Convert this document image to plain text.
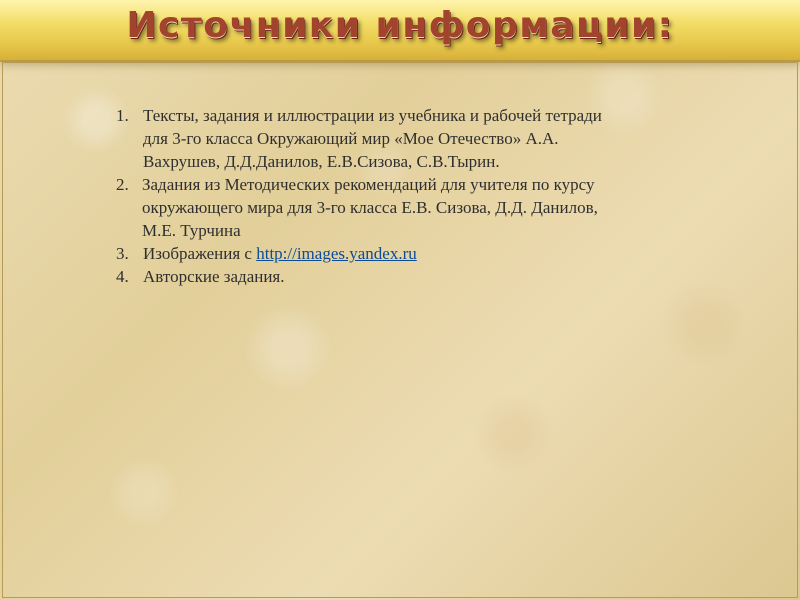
Источники информации:
1. Тексты, задания и иллюстрации из учебника и рабочей тетради
для 3-го класса Окружающий мир «Мое Отечество» А.А.
Вахрушев, Д.Д.Данилов, Е.В.Сизова, С.В.Тырин.
2. Задания из Методических рекомендаций для учителя по курсу
окружающего мира для 3-го класса Е.В. Сизова, Д.Д. Данилов,
М.Е. Турчина
3. Изображения с http://images.yandex.ru
4. Авторские задания.
